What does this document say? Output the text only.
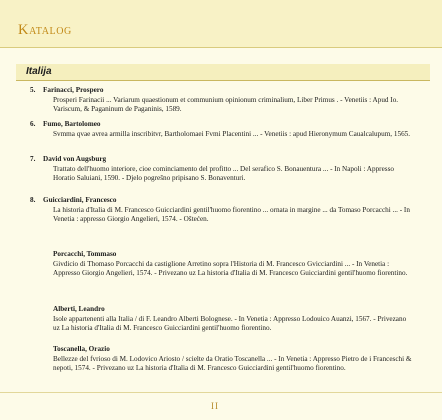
Katalog
Italija
5. Farinacci, Prospero
Prosperi Farinacii ... Variarum quaestionum et communium opinionum criminalium, Liber Primus . - Venetiis : Apud Io. Variscum, & Paganinum de Paganinis, 1589.
6. Fumo, Bartolomeo
Svmma qvae avrea armilla inscribitvr, Bartholomaei Fvmi Placentini ... - Venetiis : apud Hieronymum Caualcalupum, 1565.
7. David von Augsburg
Trattato dell'huomo interiore, cioe cominciamento del profitto ... Del serafico S. Bonauentura ... - In Napoli : Appresso Horatio Saluiani, 1590. - Djelo pogrešno pripisano S. Bonaventuri.
8. Guicciardini, Francesco
La historia d'Italia di M. Francesco Guicciardini gentil'huomo fiorentino ... ornata in margine ... da Tomaso Porcacchi ... - In Venetia : appresso Giorgio Angelieri, 1574. - Oštećen.
Porcacchi, Tommaso
Givdicio di Thomaso Porcacchi da castiglione Arretino sopra l'Historia di M. Francesco Gvicciardini ... - In Venetia : Appresso Giorgio Angelieri, 1574. - Privezano uz La historia d'Italia di M. Francesco Guicciardini gentil'huomo fiorentino.
Alberti, Leandro
Isole appartenenti alla Italia / di F. Leandro Alberti Bolognese. - In Venetia : Appresso Lodouico Auanzi, 1567. - Privezano uz La historia d'Italia di M. Francesco Guicciardini gentil'huomo fiorentino.
Toscanella, Orazio
Bellezze del fvrioso di M. Lodovico Ariosto / scielte da Oratio Toscanella ... - In Venetia : Appresso Pietro de i Franceschi & nepoti, 1574. - Privezano uz La historia d'Italia di M. Francesco Guicciardini gentil'huomo fiorentino.
II
